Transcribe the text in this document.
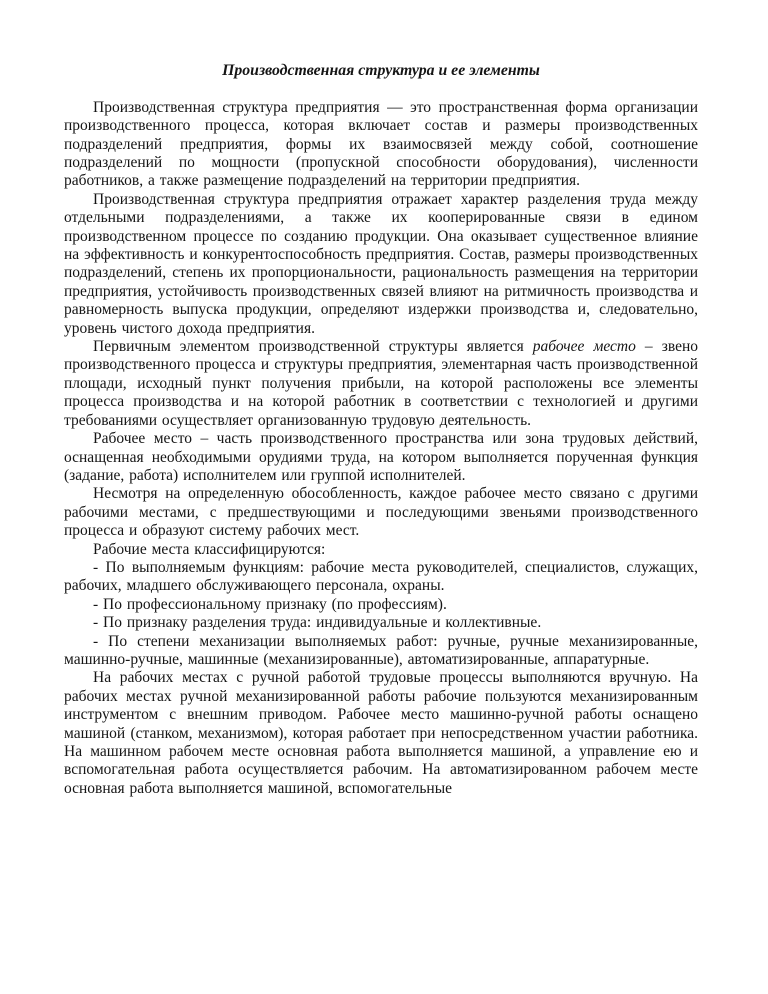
Производственная структура и ее элементы

Производственная структура предприятия — это пространственная форма организации производственного процесса, которая включает состав и размеры производственных подразделений предприятия, формы их взаимосвязей между собой, соотношение подразделений по мощности (пропускной способности оборудования), численности работников, а также размещение подразделений на территории предприятия.

Производственная структура предприятия отражает характер разделения труда между отдельными подразделениями, а также их кооперированные связи в едином производственном процессе по созданию продукции. Она оказывает существенное влияние на эффективность и конкурентоспособность предприятия. Состав, размеры производственных подразделений, степень их пропорциональности, рациональность размещения на территории предприятия, устойчивость производственных связей влияют на ритмичность производства и равномерность выпуска продукции, определяют издержки производства и, следовательно, уровень чистого дохода предприятия.

Первичным элементом производственной структуры является рабочее место – звено производственного процесса и структуры предприятия, элементарная часть производственной площади, исходный пункт получения прибыли, на которой расположены все элементы процесса производства и на которой работник в соответствии с технологией и другими требованиями осуществляет организованную трудовую деятельность.

Рабочее место – часть производственного пространства или зона трудовых действий, оснащенная необходимыми орудиями труда, на котором выполняется порученная функция (задание, работа) исполнителем или группой исполнителей.

Несмотря на определенную обособленность, каждое рабочее место связано с другими рабочими местами, с предшествующими и последующими звеньями производственного процесса и образуют систему рабочих мест.

Рабочие места классифицируются:

- По выполняемым функциям: рабочие места руководителей, специалистов, служащих, рабочих, младшего обслуживающего персонала, охраны.

- По профессиональному признаку (по профессиям).

- По признаку разделения труда: индивидуальные и коллективные.

- По степени механизации выполняемых работ: ручные, ручные механизированные, машинно-ручные, машинные (механизированные), автоматизированные, аппаратурные.

На рабочих местах с ручной работой трудовые процессы выполняются вручную. На рабочих местах ручной механизированной работы рабочие пользуются механизированным инструментом с внешним приводом. Рабочее место машинно-ручной работы оснащено машиной (станком, механизмом), которая работает при непосредственном участии работника. На машинном рабочем месте основная работа выполняется машиной, а управление ею и вспомогательная работа осуществляется рабочим. На автоматизированном рабочем месте основная работа выполняется машиной, вспомогательные
